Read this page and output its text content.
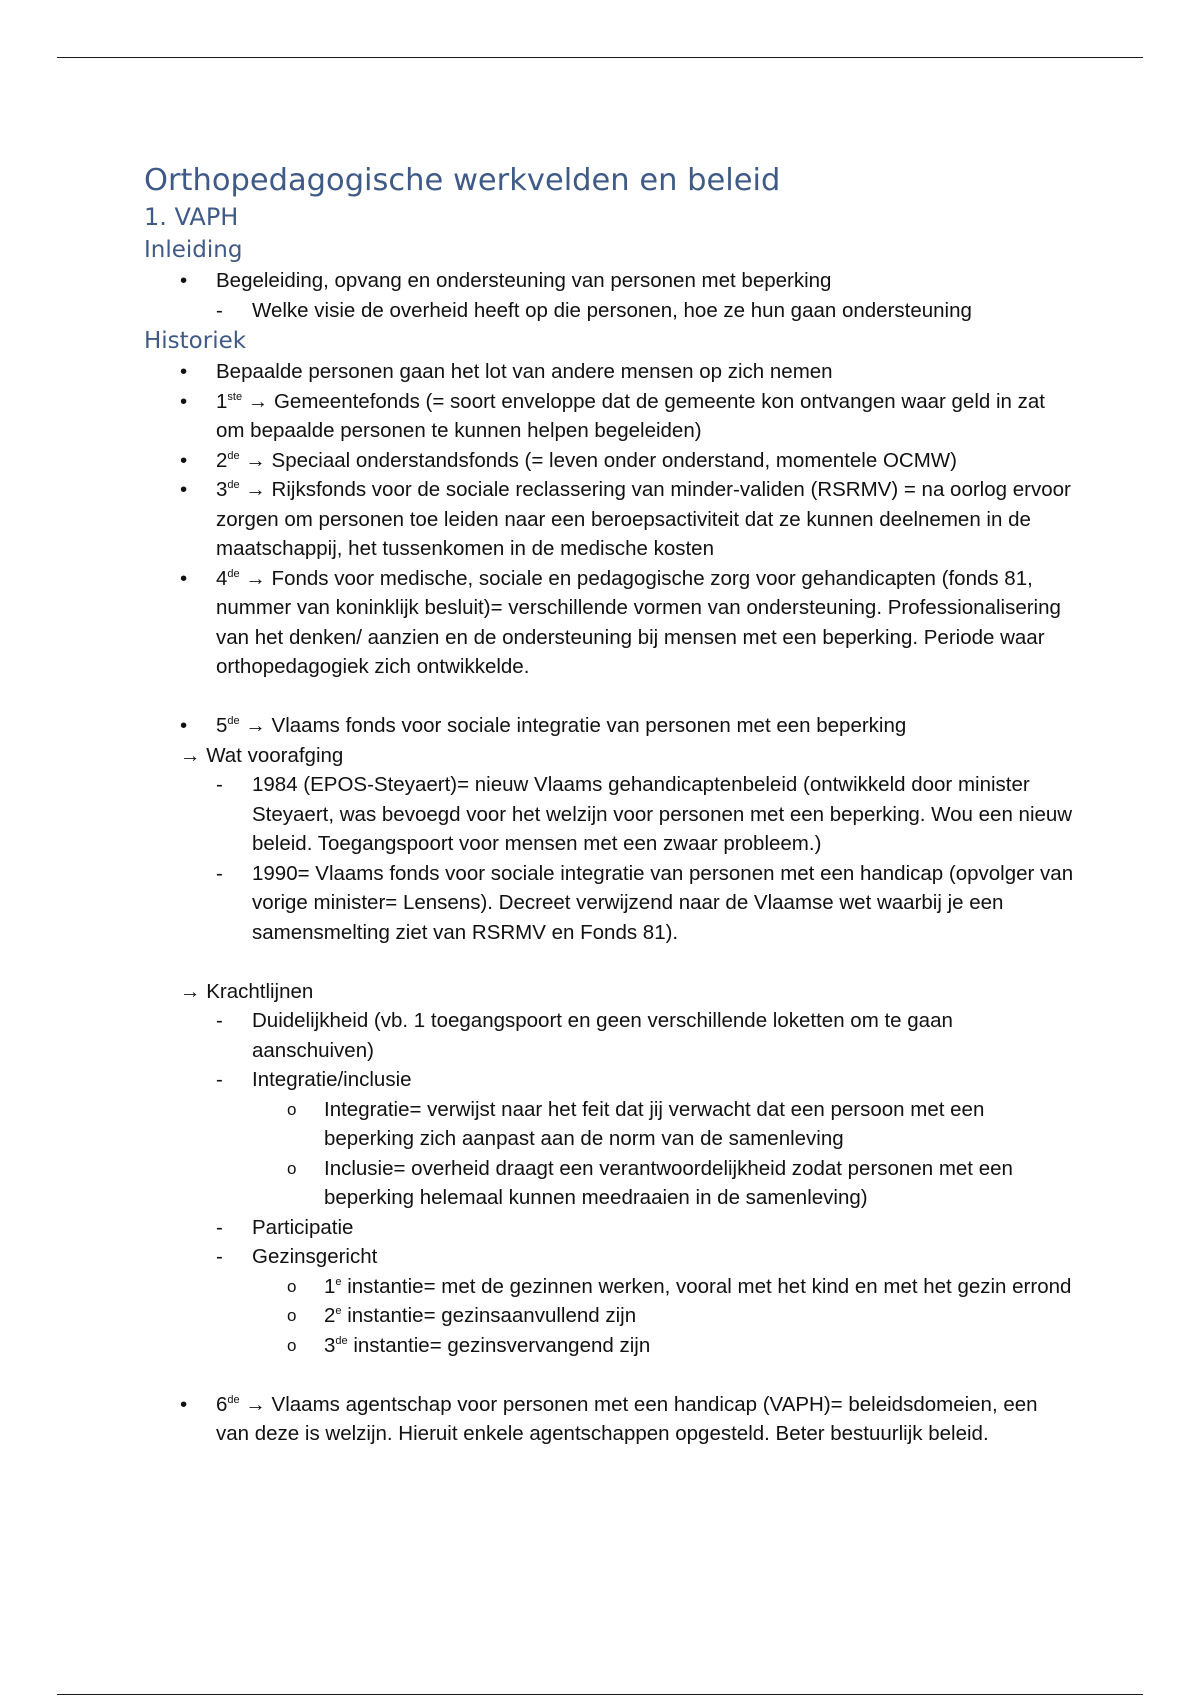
Orthopedagogische werkvelden en beleid
1. VAPH
Inleiding
• Begeleiding, opvang en ondersteuning van personen met beperking
- Welke visie de overheid heeft op die personen, hoe ze hun gaan ondersteuning
Historiek
• Bepaalde personen gaan het lot van andere mensen op zich nemen
• 1ste → Gemeentefonds (= soort enveloppe dat de gemeente kon ontvangen waar geld in zat om bepaalde personen te kunnen helpen begeleiden)
• 2de → Speciaal onderstandsfonds (= leven onder onderstand, momentele OCMW)
• 3de → Rijksfonds voor de sociale reclassering van minder-validen (RSRMV) = na oorlog ervoor zorgen om personen toe leiden naar een beroepsactiviteit dat ze kunnen deelnemen in de maatschappij, het tussenkomen in de medische kosten
• 4de → Fonds voor medische, sociale en pedagogische zorg voor gehandicapten (fonds 81, nummer van koninklijk besluit)= verschillende vormen van ondersteuning. Professionalisering van het denken/ aanzien en de ondersteuning bij mensen met een beperking. Periode waar orthopedagogiek zich ontwikkelde.
• 5de → Vlaams fonds voor sociale integratie van personen met een beperking
→ Wat voorafging
- 1984 (EPOS-Steyaert)= nieuw Vlaams gehandicaptenbeleid (ontwikkeld door minister Steyaert, was bevoegd voor het welzijn voor personen met een beperking. Wou een nieuw beleid. Toegangspoort voor mensen met een zwaar probleem.)
- 1990= Vlaams fonds voor sociale integratie van personen met een handicap (opvolger van vorige minister= Lensens). Decreet verwijzend naar de Vlaamse wet waarbij je een samensmelting ziet van RSRMV en Fonds 81).
→ Krachtlijnen
- Duidelijkheid (vb. 1 toegangspoort en geen verschillende loketten om te gaan aanschuiven)
- Integratie/inclusie
o Integratie= verwijst naar het feit dat jij verwacht dat een persoon met een beperking zich aanpast aan de norm van de samenleving
o Inclusie= overheid draagt een verantwoordelijkheid zodat personen met een beperking helemaal kunnen meedraaien in de samenleving)
- Participatie
- Gezinsgericht
o 1e instantie= met de gezinnen werken, vooral met het kind en met het gezin errond
o 2e instantie= gezinsaanvullend zijn
o 3de instantie= gezinsvervangend zijn
• 6de → Vlaams agentschap voor personen met een handicap (VAPH)= beleidsdomeien, een van deze is welzijn. Hieruit enkele agentschappen opgesteld. Beter bestuurlijk beleid.
